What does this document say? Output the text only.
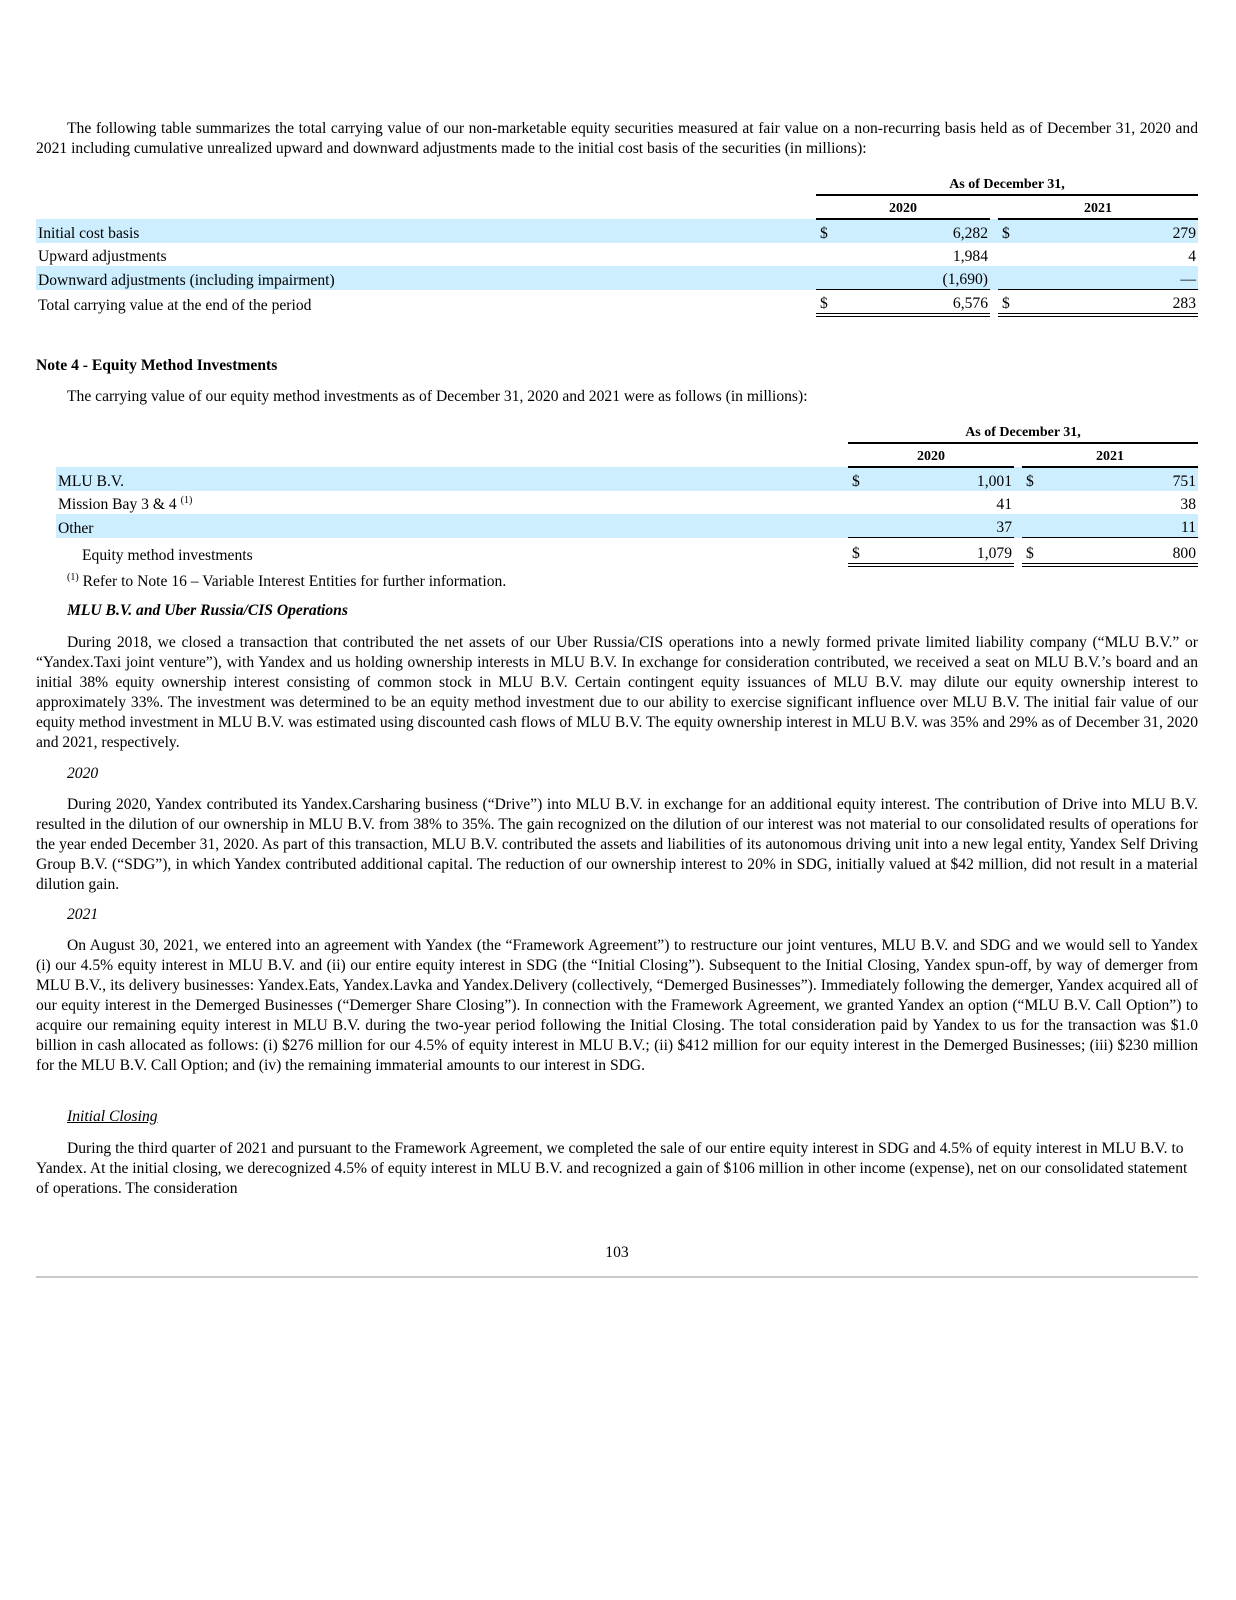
The following table summarizes the total carrying value of our non-marketable equity securities measured at fair value on a non-recurring basis held as of December 31, 2020 and 2021 including cumulative unrealized upward and downward adjustments made to the initial cost basis of the securities (in millions):

	As of December 31,				
	2020			2021	
Initial cost basis	$	6,282		$	279
Upward adjustments		1,984			4
Downward adjustments (including impairment)		(1,690)			—
Total carrying value at the end of the period	$	6,576		$	283
Note 4 - Equity Method Investments

The carrying value of our equity method investments as of December 31, 2020 and 2021 were as follows (in millions):

	As of December 31,				
	2020			2021	
MLU B.V.	$	1,001		$	751
Mission Bay 3 & 4 $^{(1)}$		41			38
Other		37			11
Equity method investments	$	1,079		$	800
$^{(1)}$ Refer to Note 16 – Variable Interest Entities for further information.
MLU B.V. and Uber Russia/CIS Operations

During 2018, we closed a transaction that contributed the net assets of our Uber Russia/CIS operations into a newly formed private limited liability company (“MLU B.V.” or “Yandex.Taxi joint venture”), with Yandex and us holding ownership interests in MLU B.V. In exchange for consideration contributed, we received a seat on MLU B.V.’s board and an initial 38% equity ownership interest consisting of common stock in MLU B.V. Certain contingent equity issuances of MLU B.V. may dilute our equity ownership interest to approximately 33%. The investment was determined to be an equity method investment due to our ability to exercise significant influence over MLU B.V. The initial fair value of our equity method investment in MLU B.V. was estimated using discounted cash flows of MLU B.V. The equity ownership interest in MLU B.V. was 35% and 29% as of December 31, 2020 and 2021, respectively.

2020

During 2020, Yandex contributed its Yandex.Carsharing business (“Drive”) into MLU B.V. in exchange for an additional equity interest. The contribution of Drive into MLU B.V. resulted in the dilution of our ownership in MLU B.V. from 38% to 35%. The gain recognized on the dilution of our interest was not material to our consolidated results of operations for the year ended December 31, 2020. As part of this transaction, MLU B.V. contributed the assets and liabilities of its autonomous driving unit into a new legal entity, Yandex Self Driving Group B.V. (“SDG”), in which Yandex contributed additional capital. The reduction of our ownership interest to 20% in SDG, initially valued at $42 million, did not result in a material dilution gain.

2021

On August 30, 2021, we entered into an agreement with Yandex (the “Framework Agreement”) to restructure our joint ventures, MLU B.V. and SDG and we would sell to Yandex (i) our 4.5% equity interest in MLU B.V. and (ii) our entire equity interest in SDG (the “Initial Closing”). Subsequent to the Initial Closing, Yandex spun-off, by way of demerger from MLU B.V., its delivery businesses: Yandex.Eats, Yandex.Lavka and Yandex.Delivery (collectively, “Demerged Businesses”). Immediately following the demerger, Yandex acquired all of our equity interest in the Demerged Businesses (“Demerger Share Closing”). In connection with the Framework Agreement, we granted Yandex an option (“MLU B.V. Call Option”) to acquire our remaining equity interest in MLU B.V. during the two-year period following the Initial Closing. The total consideration paid by Yandex to us for the transaction was $1.0 billion in cash allocated as follows: (i) $276 million for our 4.5% of equity interest in MLU B.V.; (ii) $412 million for our equity interest in the Demerged Businesses; (iii) $230 million for the MLU B.V. Call Option; and (iv) the remaining immaterial amounts to our interest in SDG.

Initial Closing

During the third quarter of 2021 and pursuant to the Framework Agreement, we completed the sale of our entire equity interest in SDG and 4.5% of equity interest in MLU B.V. to Yandex. At the initial closing, we derecognized 4.5% of equity interest in MLU B.V. and recognized a gain of $106 million in other income (expense), net on our consolidated statement of operations. The consideration

103
